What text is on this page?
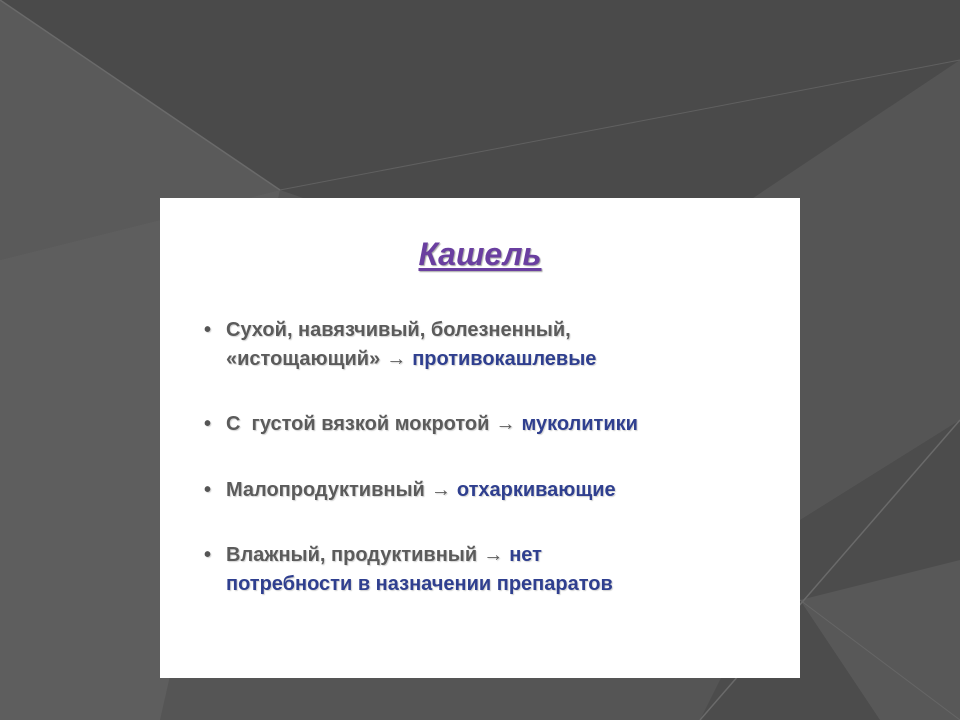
Кашель
• Сухой, навязчивый, болезненный,
«истощающий» → противокашлевые
• С  густой вязкой мокротой → муколитики
• Малопродуктивный → отхаркивающие
• Влажный, продуктивный → нет
потребности в назначении препаратов
